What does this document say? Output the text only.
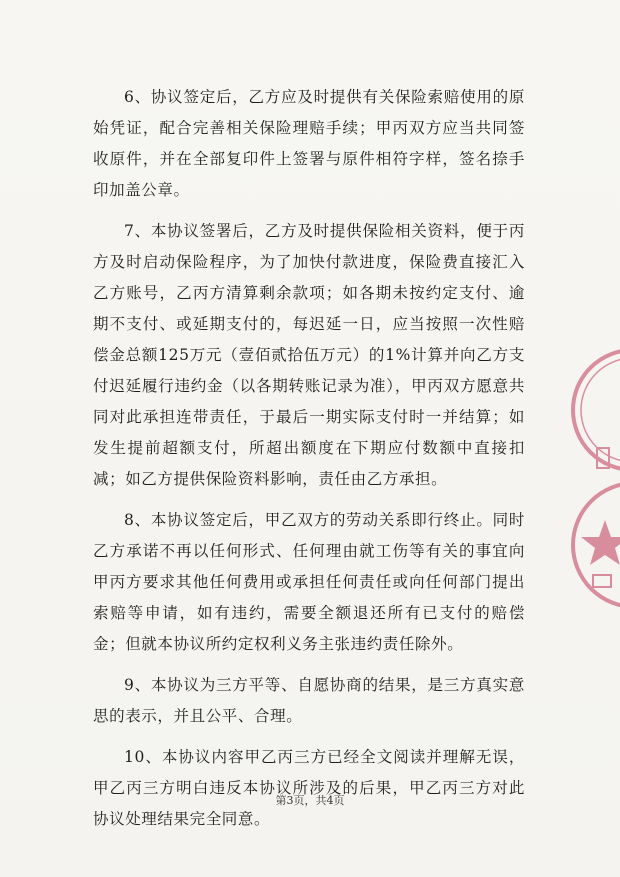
6、协议签定后，乙方应及时提供有关保险索赔使用的原始凭证，配合完善相关保险理赔手续；甲丙双方应当共同签收原件，并在全部复印件上签署与原件相符字样，签名捺手印加盖公章。

7、本协议签署后，乙方及时提供保险相关资料，便于丙方及时启动保险程序，为了加快付款进度，保险费直接汇入乙方账号，乙丙方清算剩余款项；如各期未按约定支付、逾期不支付、或延期支付的，每迟延一日，应当按照一次性赔偿金总额125万元（壹佰贰拾伍万元）的1%计算并向乙方支付迟延履行违约金（以各期转账记录为准），甲丙双方愿意共同对此承担连带责任，于最后一期实际支付时一并结算；如发生提前超额支付，所超出额度在下期应付数额中直接扣减；如乙方提供保险资料影响，责任由乙方承担。

8、本协议签定后，甲乙双方的劳动关系即行终止。同时乙方承诺不再以任何形式、任何理由就工伤等有关的事宜向甲丙方要求其他任何费用或承担任何责任或向任何部门提出索赔等申请，如有违约，需要全额退还所有已支付的赔偿金；但就本协议所约定权利义务主张违约责任除外。

9、本协议为三方平等、自愿协商的结果，是三方真实意思的表示，并且公平、合理。

10、本协议内容甲乙丙三方已经全文阅读并理解无误，甲乙丙三方明白违反本协议所涉及的后果，甲乙丙三方对此协议处理结果完全同意。

第3页，共4页
